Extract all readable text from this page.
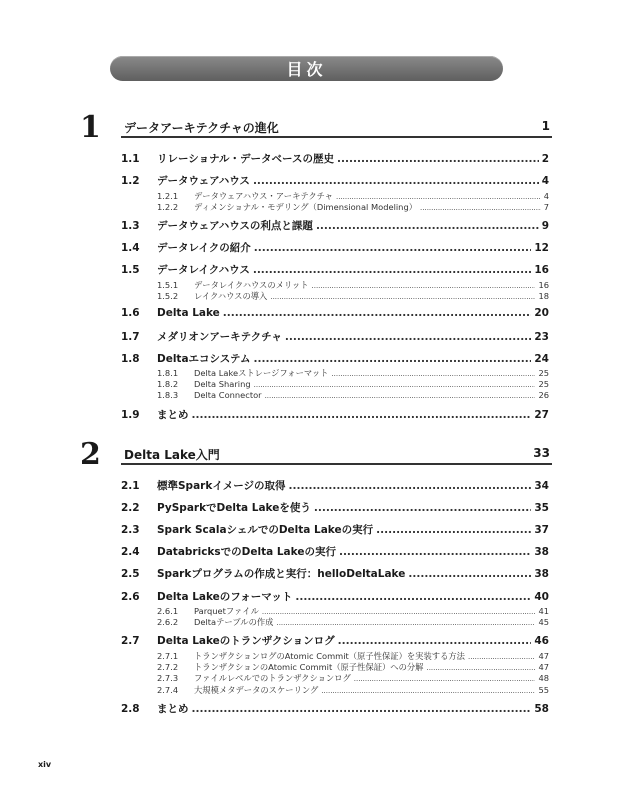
目次
1 データアーキテクチャの進化	1
1.1	リレーショナル・データベースの歴史 .....	2
1.2	データウェアハウス .....	4
1.2.1	データウェアハウス・アーキテクチャ .....	4
1.2.2	ディメンショナル・モデリング（Dimensional Modeling） .....	7
1.3	データウェアハウスの利点と課題 .....	9
1.4	データレイクの紹介 .....	12
1.5	データレイクハウス .....	16
1.5.1	データレイクハウスのメリット .....	16
1.5.2	レイクハウスの導入 .....	18
1.6	Delta Lake .....	20
1.7	メダリオンアーキテクチャ .....	23
1.8	Deltaエコシステム .....	24
1.8.1	Delta Lakeストレージフォーマット .....	25
1.8.2	Delta Sharing .....	25
1.8.3	Delta Connector .....	26
1.9	まとめ .....	27
2 Delta Lake入門	33
2.1	標準Sparkイメージの取得 .....	34
2.2	PySparkでDelta Lakeを使う .....	35
2.3	Spark ScalaシェルでのDelta Lakeの実行 .....	37
2.4	DatabricksでのDelta Lakeの実行 .....	38
2.5	Sparkプログラムの作成と実行：helloDeltaLake .....	38
2.6	Delta Lakeのフォーマット .....	40
2.6.1	Parquetファイル .....	41
2.6.2	Deltaテーブルの作成 .....	45
2.7	Delta Lakeのトランザクションログ .....	46
2.7.1	トランザクションログのAtomic Commit（原子性保証）を実装する方法 .....	47
2.7.2	トランザクションのAtomic Commit（原子性保証）への分解 .....	47
2.7.3	ファイルレベルでのトランザクションログ .....	48
2.7.4	大規模メタデータのスケーリング .....	55
2.8	まとめ .....	58
xiv
